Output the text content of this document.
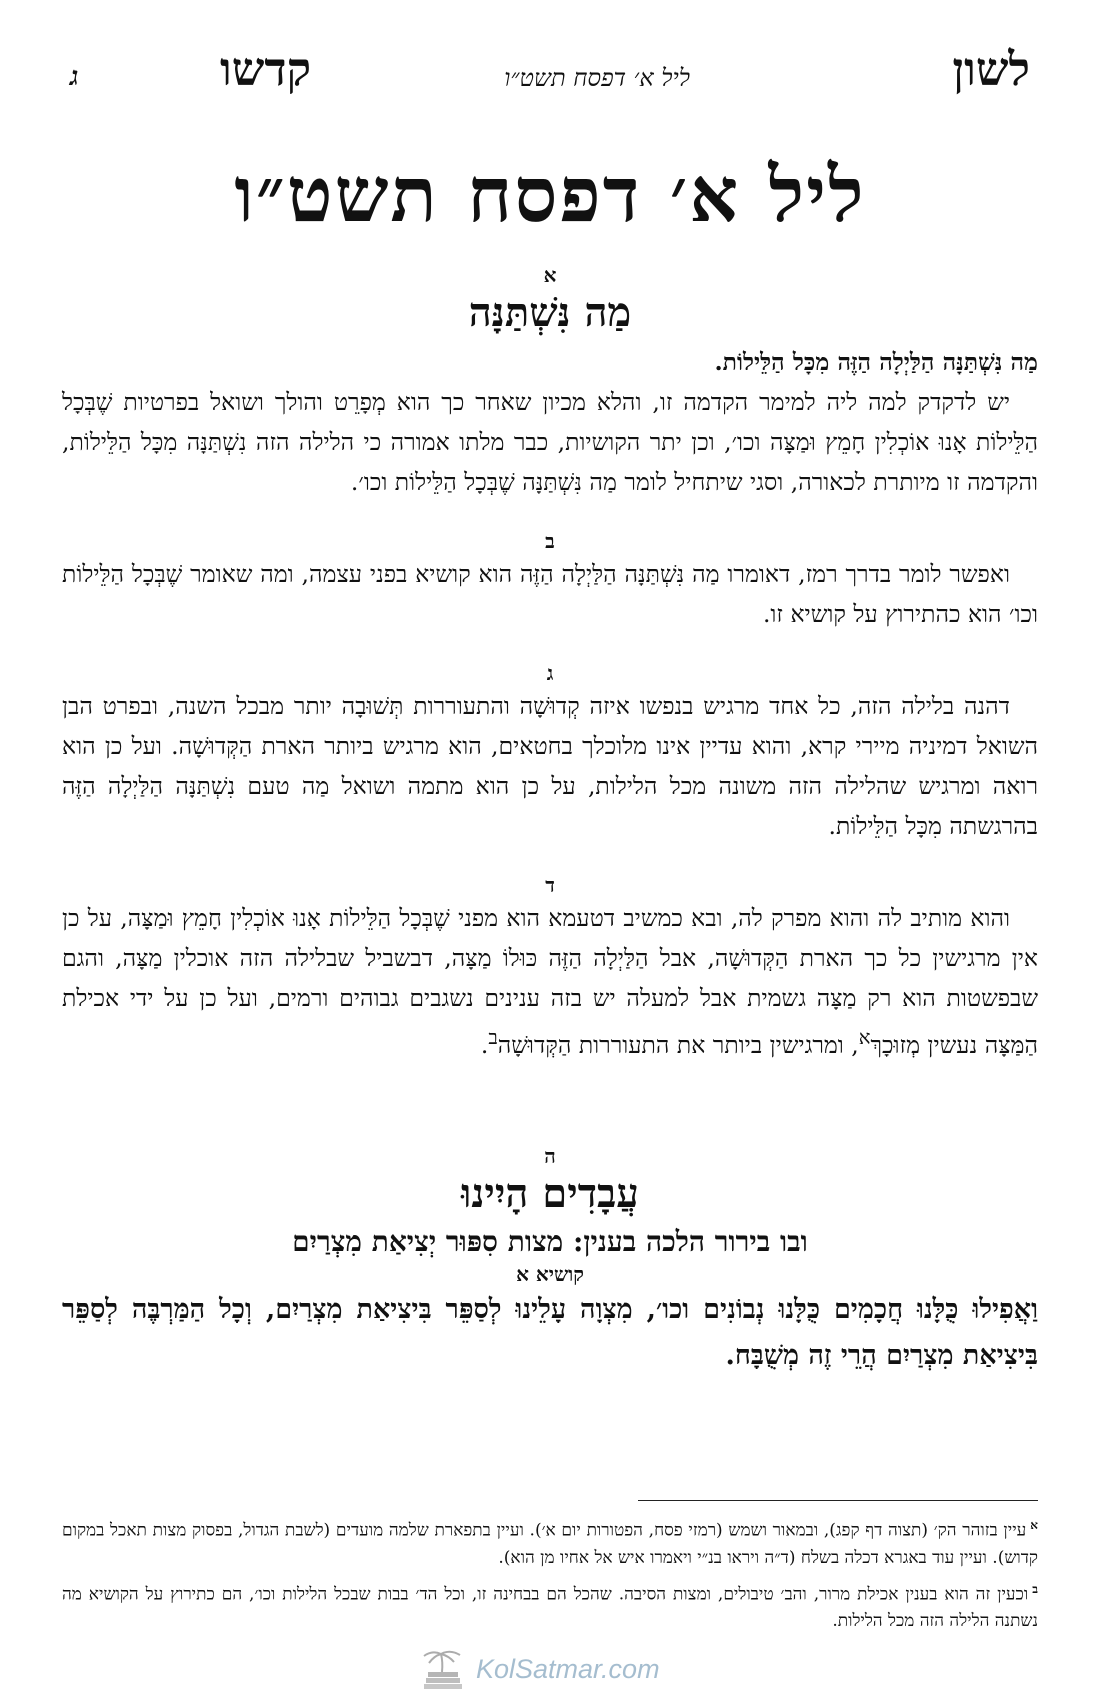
לשון
ליל א׳ דפסח תשט״ו
קדשו
ג
ליל א׳ דפסח תשט״ו
א
מַה נִּשְׁתַּנָּה

מַה נִּשְׁתַּנָּה הַלַּיְלָה הַזֶּה מִכָּל הַלֵּילוֹת.

יש לדקדק למה ליה למימר הקדמה זו, והלא מכיון שאחר כך הוא מְפָרֵט והולך ושואל בפרטיות שֶׁבְּכָל הַלֵּילוֹת אָנוּ אוֹכְלִין חָמֵץ וּמַצָּה וכו׳, וכן יתר הקושיות, כבר מלתו אמורה כי הלילה הזה נִשְׁתַּנָּה מִכָּל הַלֵּילוֹת, והקדמה זו מיותרת לכאורה, וסגי שיתחיל לומר מַה נִּשְׁתַּנָּה שֶׁבְּכָל הַלֵּילוֹת וכו׳.

ב

ואפשר לומר בדרך רמז, דאומרו מַה נִּשְׁתַּנָּה הַלַּיְלָה הַזֶּה הוא קושיא בפני עצמה, ומה שאומר שֶׁבְּכָל הַלֵּילוֹת וכו׳ הוא כהתירוץ על קושיא זו.

ג

דהנה בלילה הזה, כל אחד מרגיש בנפשו איזה קְדוּשָׁה והתעוררות תְּשׁוּבָה יותר מבכל השנה, ובפרט הבן השואל דמיניה מיירי קרא, והוא עדיין אינו מלוכלך בחטאים, הוא מרגיש ביותר הארת הַקְּדוּשָׁה. ועל כן הוא רואה ומרגיש שהלילה הזה משונה מכל הלילות, על כן הוא מתמה ושואל מַה טעם נִשְׁתַּנָּה הַלַּיְלָה הַזֶּה בהרגשתה מִכָּל הַלֵּילוֹת.

ד

והוא מותיב לה והוא מפרק לה, ובא כמשיב דטעמא הוא מפני שֶׁבְּכָל הַלֵּילוֹת אָנוּ אוֹכְלִין חָמֵץ וּמַצָּה, על כן אין מרגישין כל כך הארת הַקְּדוּשָׁה, אבל הַלַּיְלָה הַזֶּה כּוּלוֹ מַצָּה, דבשביל שבלילה הזה אוכלין מַצָּה, והגם שבפשטות הוא רק מַצָּה גשמית אבל למעלה יש בזה ענינים נשגבים גבוהים ורמים, ועל כן על ידי אכילת הַמַּצָּה נעשין מְזוּכָךְ$^א$, ומרגישין ביותר את התעוררות הַקְּדוּשָׁה$^ב$.

ה
עֲבָדִים הָיִינוּ
ובו בירור הלכה בענין: מצות סִפּוּר יְצִיאַת מִצְרַיִם
קושיא א

וַאֲפִילוּ כֻּלָּנוּ חֲכָמִים כֻּלָּנוּ נְבוֹנִים וכו׳, מִצְוָה עָלֵינוּ לְסַפֵּר בִּיצִיאַת מִצְרַיִם, וְכָל הַמַּרְבֶּה לְסַפֵּר בִּיצִיאַת מִצְרַיִם הֲרֵי זֶה מְשֻׁבָּח.

$^א$עיין בזוהר הק׳ (תצוה דף קפג), ובמאור ושמש (רמזי פסח, הפטורות יום א׳). ועיין בתפארת שלמה מועדים (לשבת הגדול, בפסוק מצות תאכל במקום קדוש). ועיין עוד באגרא דכלה בשלח (ד״ה ויראו בנ״י ויאמרו איש אל אחיו מן הוא).
$^ב$וכעין זה הוא בענין אכילת מרור, והב׳ טיבולים, ומצות הסיבה. שהכל הם בבחינה זו, וכל הד׳ בבות שבכל הלילות וכו׳, הם כתירוץ על הקושיא מה נשתנה הלילה הזה מכל הלילות.
KolSatmar.com
